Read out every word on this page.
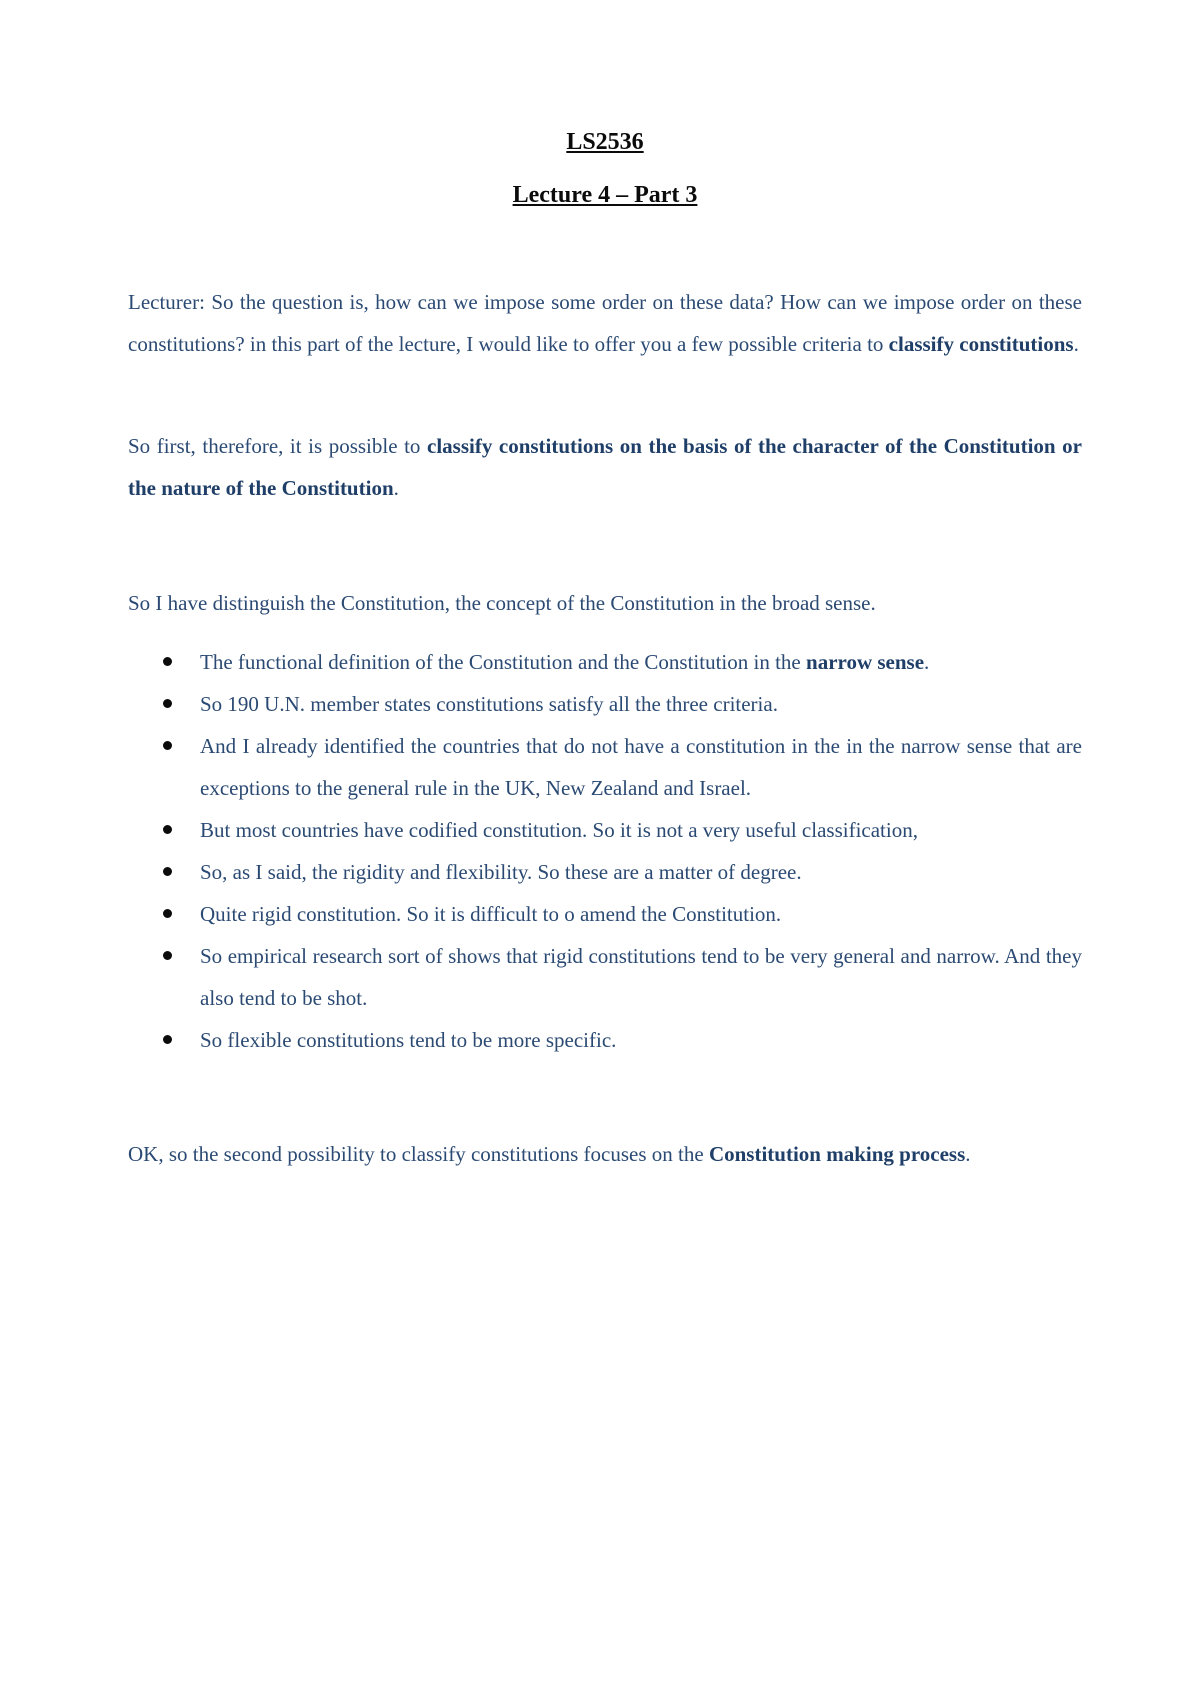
LS2536
Lecture 4 – Part 3

Lecturer: So the question is, how can we impose some order on these data? How can we impose order on these constitutions? in this part of the lecture, I would like to offer you a few possible criteria to classify constitutions.

So first, therefore, it is possible to classify constitutions on the basis of the character of the Constitution or the nature of the Constitution.

So I have distinguish the Constitution, the concept of the Constitution in the broad sense.

The functional definition of the Constitution and the Constitution in the narrow sense.
So 190 U.N. member states constitutions satisfy all the three criteria.
And I already identified the countries that do not have a constitution in the in the narrow sense that are exceptions to the general rule in the UK, New Zealand and Israel.
But most countries have codified constitution. So it is not a very useful classification,
So, as I said, the rigidity and flexibility. So these are a matter of degree.
Quite rigid constitution. So it is difficult to o amend the Constitution.
So empirical research sort of shows that rigid constitutions tend to be very general and narrow. And they also tend to be shot.
So flexible constitutions tend to be more specific.

OK, so the second possibility to classify constitutions focuses on the Constitution making process.
